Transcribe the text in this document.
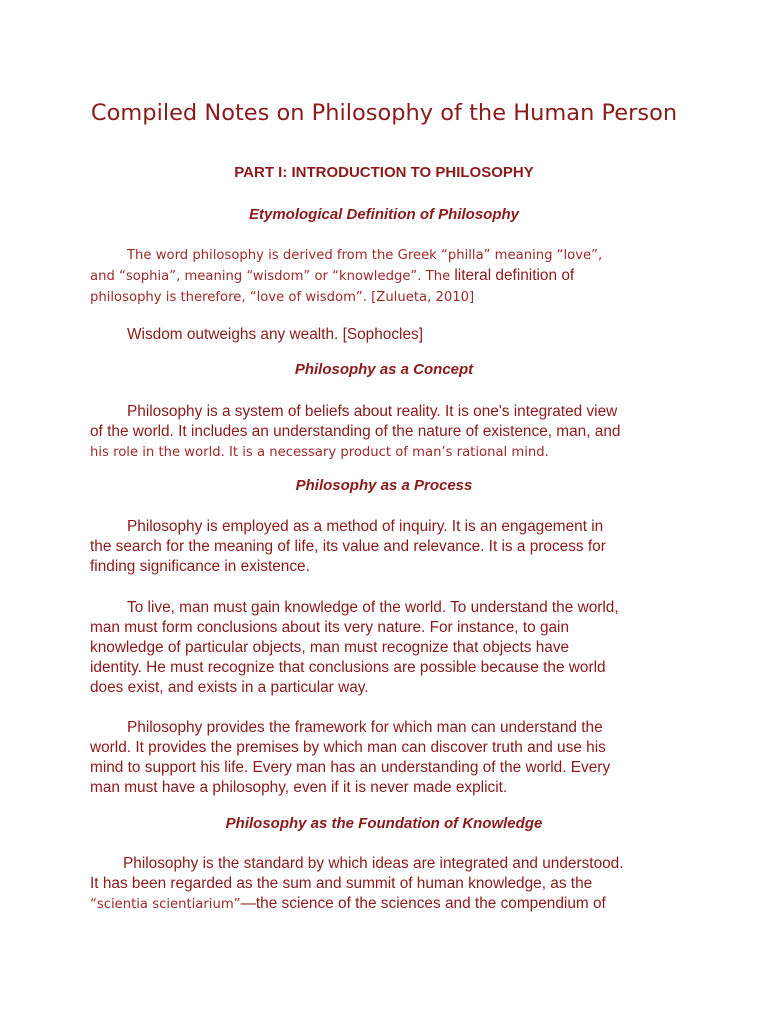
Compiled Notes on Philosophy of the Human Person
PART I: INTRODUCTION TO PHILOSOPHY
Etymological Definition of Philosophy

The word philosophy is derived from the Greek “philla” meaning “love”,
and “sophia”, meaning “wisdom” or “knowledge”. The literal definition of
philosophy is therefore, “love of wisdom”. [Zulueta, 2010]

Wisdom outweighs any wealth. [Sophocles]

Philosophy as a Concept

Philosophy is a system of beliefs about reality. It is one's integrated view
of the world. It includes an understanding of the nature of existence, man, and
his role in the world. It is a necessary product of man’s rational mind.

Philosophy as a Process

Philosophy is employed as a method of inquiry. It is an engagement in
the search for the meaning of life, its value and relevance. It is a process for
finding significance in existence.

To live, man must gain knowledge of the world. To understand the world,
man must form conclusions about its very nature. For instance, to gain
knowledge of particular objects, man must recognize that objects have
identity. He must recognize that conclusions are possible because the world
does exist, and exists in a particular way.

Philosophy provides the framework for which man can understand the
world. It provides the premises by which man can discover truth and use his
mind to support his life. Every man has an understanding of the world. Every
man must have a philosophy, even if it is never made explicit.

Philosophy as the Foundation of Knowledge

Philosophy is the standard by which ideas are integrated and understood.
It has been regarded as the sum and summit of human knowledge, as the
“scientia scientiarium”—the science of the sciences and the compendium of
